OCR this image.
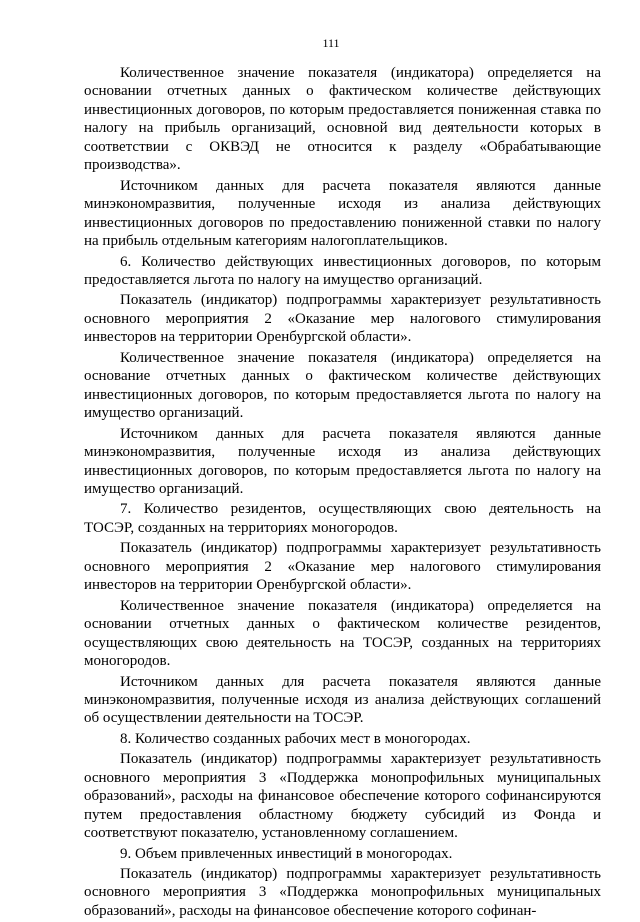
111

Количественное значение показателя (индикатора) определяется на основании отчетных данных о фактическом количестве действующих инвестиционных договоров, по которым предоставляется пониженная ставка по налогу на прибыль организаций, основной вид деятельности которых в соответствии с ОКВЭД не относится к разделу «Обрабатывающие производства».

Источником данных для расчета показателя являются данные минэкономразвития, полученные исходя из анализа действующих инвестиционных договоров по предоставлению пониженной ставки по налогу на прибыль отдельным категориям налогоплательщиков.

6. Количество действующих инвестиционных договоров, по которым предоставляется льгота по налогу на имущество организаций.

Показатель (индикатор) подпрограммы характеризует результативность основного мероприятия 2 «Оказание мер налогового стимулирования инвесторов на территории Оренбургской области».

Количественное значение показателя (индикатора) определяется на основание отчетных данных о фактическом количестве действующих инвестиционных договоров, по которым предоставляется льгота по налогу на имущество организаций.

Источником данных для расчета показателя являются данные минэкономразвития, полученные исходя из анализа действующих инвестиционных договоров, по которым предоставляется льгота по налогу на имущество организаций.

7. Количество резидентов, осуществляющих свою деятельность на ТОСЭР, созданных на территориях моногородов.

Показатель (индикатор) подпрограммы характеризует результативность основного мероприятия 2 «Оказание мер налогового стимулирования инвесторов на территории Оренбургской области».

Количественное значение показателя (индикатора) определяется на основании отчетных данных о фактическом количестве резидентов, осуществляющих свою деятельность на ТОСЭР, созданных на территориях моногородов.

Источником данных для расчета показателя являются данные минэкономразвития, полученные исходя из анализа действующих соглашений об осуществлении деятельности на ТОСЭР.

8. Количество созданных рабочих мест в моногородах.

Показатель (индикатор) подпрограммы характеризует результативность основного мероприятия 3 «Поддержка монопрофильных муниципальных образований», расходы на финансовое обеспечение которого софинансируются путем предоставления областному бюджету субсидий из Фонда и соответствуют показателю, установленному соглашением.

9. Объем привлеченных инвестиций в моногородах.

Показатель (индикатор) подпрограммы характеризует результативность основного мероприятия 3 «Поддержка монопрофильных муниципальных образований», расходы на финансовое обеспечение которого софинан-
